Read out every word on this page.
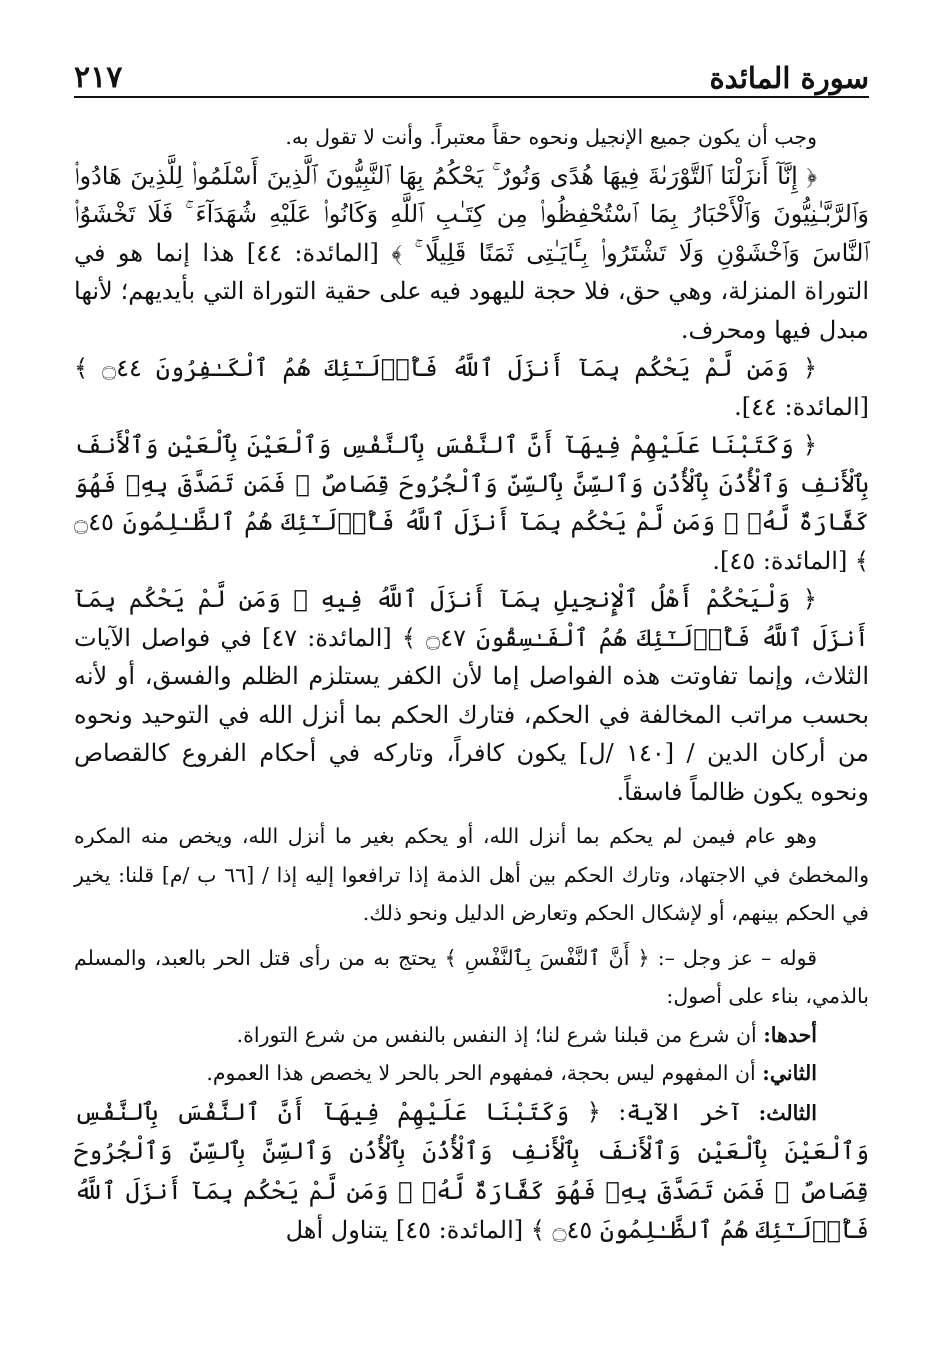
سورة المائدة
٢١٧

وجب أن يكون جميع الإنجيل ونحوه حقاً معتبراً. وأنت لا تقول به.

﴿ إِنَّآ أَنزَلْنَا ٱلتَّوْرَىٰةَ فِيهَا هُدًى وَنُورٌ ۚ يَحْكُمُ بِهَا ٱلنَّبِيُّونَ ٱلَّذِينَ أَسْلَمُوا۟ لِلَّذِينَ هَادُوا۟ وَٱلرَّبَّـٰنِيُّونَ وَٱلْأَحْبَارُ بِمَا ٱسْتُحْفِظُوا۟ مِن كِتَـٰبِ ٱللَّهِ وَكَانُوا۟ عَلَيْهِ شُهَدَآءَ ۚ فَلَا تَخْشَوُا۟ ٱلنَّاسَ وَٱخْشَوْنِ وَلَا تَشْتَرُوا۟ بِـَٔايَـٰتِى ثَمَنًا قَلِيلًا ۚ ﴾ [المائدة: ٤٤] هذا إنما هو في التوراة المنزلة، وهي حق، فلا حجة لليهود فيه على حقية التوراة التي بأيديهم؛ لأنها مبدل فيها ومحرف.

﴿ وَمَن لَّمْ يَحْكُم بِمَآ أَنزَلَ ٱللَّهُ فَأُو۟لَـٰٓئِكَ هُمُ ٱلْكَـٰفِرُونَ ۝٤٤ ﴾ [المائدة: ٤٤].

﴿ وَكَتَبْنَا عَلَيْهِمْ فِيهَآ أَنَّ ٱلنَّفْسَ بِٱلنَّفْسِ وَٱلْعَيْنَ بِٱلْعَيْنِ وَٱلْأَنفَ بِٱلْأَنفِ وَٱلْأُذُنَ بِٱلْأُذُنِ وَٱلسِّنَّ بِٱلسِّنِّ وَٱلْجُرُوحَ قِصَاصٌ ۚ فَمَن تَصَدَّقَ بِهِۦ فَهُوَ كَفَّارَةٌ لَّهُۥ ۚ وَمَن لَّمْ يَحْكُم بِمَآ أَنزَلَ ٱللَّهُ فَأُو۟لَـٰٓئِكَ هُمُ ٱلظَّـٰلِمُونَ ۝٤٥ ﴾ [المائدة: ٤٥].

﴿ وَلْيَحْكُمْ أَهْلُ ٱلْإِنجِيلِ بِمَآ أَنزَلَ ٱللَّهُ فِيهِ ۚ وَمَن لَّمْ يَحْكُم بِمَآ أَنزَلَ ٱللَّهُ فَأُو۟لَـٰٓئِكَ هُمُ ٱلْفَـٰسِقُونَ ۝٤٧ ﴾ [المائدة: ٤٧] في فواصل الآيات الثلاث، وإنما تفاوتت هذه الفواصل إما لأن الكفر يستلزم الظلم والفسق، أو لأنه بحسب مراتب المخالفة في الحكم، فتارك الحكم بما أنزل الله في التوحيد ونحوه من أركان الدين / [١٤٠ /ل] يكون كافراً، وتاركه في أحكام الفروع كالقصاص ونحوه يكون ظالماً فاسقاً.

وهو عام فيمن لم يحكم بما أنزل الله، أو يحكم بغير ما أنزل الله، ويخص منه المكره والمخطئ في الاجتهاد، وتارك الحكم بين أهل الذمة إذا ترافعوا إليه إذا / [٦٦ ب /م] قلنا: يخير في الحكم بينهم، أو لإشكال الحكم وتعارض الدليل ونحو ذلك.

قوله – عز وجل –: ﴿ أَنَّ ٱلنَّفْسَ بِٱلنَّفْسِ ﴾ يحتج به من رأى قتل الحر بالعبد، والمسلم بالذمي، بناء على أصول:

أحدها: أن شرع من قبلنا شرع لنا؛ إذ النفس بالنفس من شرع التوراة.

الثاني: أن المفهوم ليس بحجة، فمفهوم الحر بالحر لا يخصص هذا العموم.

الثالث: آخر الآية: ﴿ وَكَتَبْنَا عَلَيْهِمْ فِيهَآ أَنَّ ٱلنَّفْسَ بِٱلنَّفْسِ وَٱلْعَيْنَ بِٱلْعَيْنِ وَٱلْأَنفَ بِٱلْأَنفِ وَٱلْأُذُنَ بِٱلْأُذُنِ وَٱلسِّنَّ بِٱلسِّنِّ وَٱلْجُرُوحَ قِصَاصٌ ۚ فَمَن تَصَدَّقَ بِهِۦ فَهُوَ كَفَّارَةٌ لَّهُۥ ۚ وَمَن لَّمْ يَحْكُم بِمَآ أَنزَلَ ٱللَّهُ فَأُو۟لَـٰٓئِكَ هُمُ ٱلظَّـٰلِمُونَ ۝٤٥ ﴾ [المائدة: ٤٥] يتناول أهل
